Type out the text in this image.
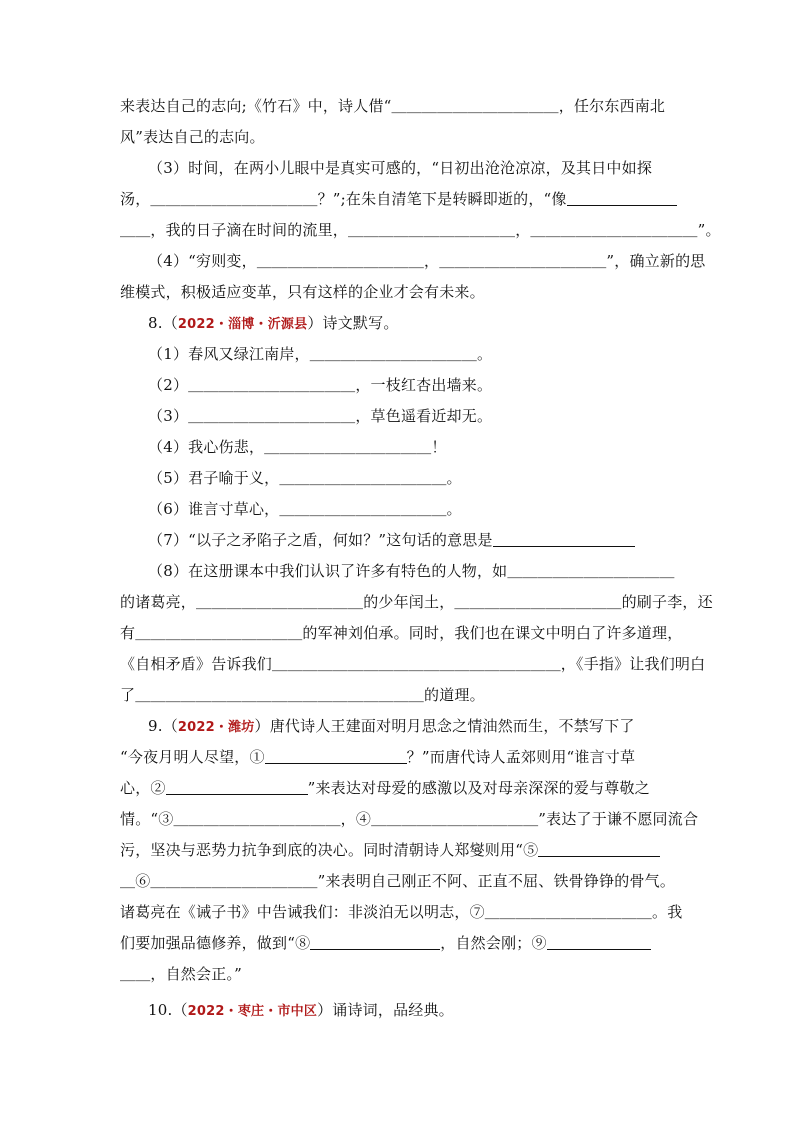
来表达自己的志向;《竹石》中，诗人借“＿＿＿＿＿＿＿＿＿＿＿，任尔东西南北
风”表达自己的志向。
（3）时间，在两小儿眼中是真实可感的，“日初出沧沧凉凉，及其日中如探
汤，＿＿＿＿＿＿＿＿＿＿＿？”;在朱自清笔下是转瞬即逝的，“像
＿＿，我的日子滴在时间的流里，＿＿＿＿＿＿＿＿＿＿＿，＿＿＿＿＿＿＿＿＿＿＿”。
（4）“穷则变，＿＿＿＿＿＿＿＿＿＿＿，＿＿＿＿＿＿＿＿＿＿＿”，确立新的思
维模式，积极适应变革，只有这样的企业才会有未来。
8.（2022・淄博・沂源县）诗文默写。
（1）春风又绿江南岸，＿＿＿＿＿＿＿＿＿＿＿。
（2）＿＿＿＿＿＿＿＿＿＿＿，一枝红杏出墙来。
（3）＿＿＿＿＿＿＿＿＿＿＿，草色遥看近却无。
（4）我心伤悲，＿＿＿＿＿＿＿＿＿＿＿！
（5）君子喻于义，＿＿＿＿＿＿＿＿＿＿＿。
（6）谁言寸草心，＿＿＿＿＿＿＿＿＿＿＿。
（7）“以子之矛陷子之盾，何如？”这句话的意思是
（8）在这册课本中我们认识了许多有特色的人物，如＿＿＿＿＿＿＿＿＿＿＿
的诸葛亮，＿＿＿＿＿＿＿＿＿＿＿的少年闰土，＿＿＿＿＿＿＿＿＿＿＿的刷子李，还
有＿＿＿＿＿＿＿＿＿＿＿的军神刘伯承。同时，我们也在课文中明白了许多道理，
《自相矛盾》告诉我们＿＿＿＿＿＿＿＿＿＿＿＿＿＿＿＿＿＿＿，《手指》让我们明白
了＿＿＿＿＿＿＿＿＿＿＿＿＿＿＿＿＿＿＿的道理。
9.（2022・潍坊）唐代诗人王建面对明月思念之情油然而生，不禁写下了
“今夜月明人尽望，①	？”而唐代诗人孟郊则用“谁言寸草
心，②	”来表达对母爱的感激以及对母亲深深的爱与尊敬之
情。“③＿＿＿＿＿＿＿＿＿＿＿，④＿＿＿＿＿＿＿＿＿＿＿”表达了于谦不愿同流合
污，坚决与恶势力抗争到底的决心。同时清朝诗人郑燮则用“⑤
＿⑥＿＿＿＿＿＿＿＿＿＿＿”来表明自己刚正不阿、正直不屈、铁骨铮铮的骨气。
诸葛亮在《诫子书》中告诫我们：非淡泊无以明志，⑦＿＿＿＿＿＿＿＿＿＿＿。我
们要加强品德修养，做到“⑧	，自然会刚；⑨
＿＿，自然会正。”
10.（2022・枣庄・市中区）诵诗词，品经典。
